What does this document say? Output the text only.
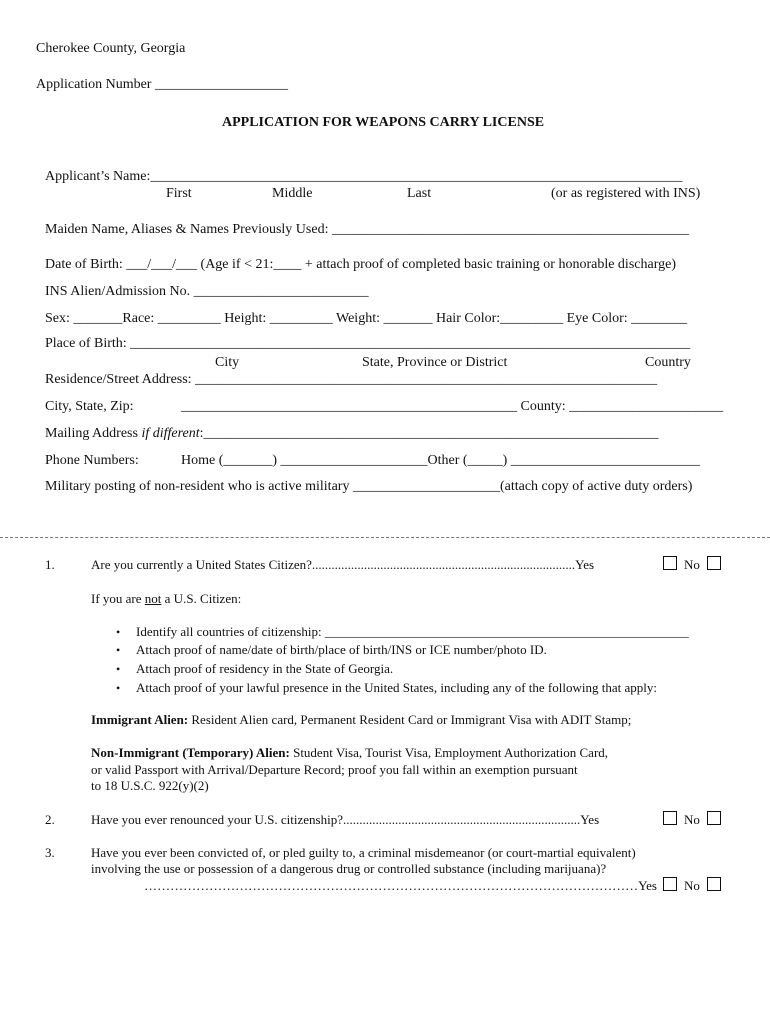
Cherokee County, Georgia
Application Number ___________________
APPLICATION FOR WEAPONS CARRY LICENSE
Applicant’s Name:____________________________________________________________________________
First	Middle	Last	(or as registered with INS)
Maiden Name, Aliases & Names Previously Used: ___________________________________________________
Date of Birth: ___/___/___ (Age if < 21:____ + attach proof of completed basic training or honorable discharge)
INS Alien/Admission No. _________________________
Sex: _______Race: _________ Height: _________ Weight: _______ Hair Color:_________ Eye Color: ________
Place of Birth: ________________________________________________________________________________
City	State, Province or District	Country
Residence/Street Address: __________________________________________________________________
City, State, Zip:	________________________________________________ County: ______________________
Mailing Address if different:_________________________________________________________________
Phone Numbers:	Home (_______) _____________________Other (_____) ___________________________
Military posting of non-resident who is active military _____________________(attach copy of active duty orders)
1.	Are you currently a United States Citizen?.................................................................................Yes	No
If you are not a U.S. Citizen:
• Identify all countries of citizenship: ________________________________________________________
• Attach proof of name/date of birth/place of birth/INS or ICE number/photo ID.
• Attach proof of residency in the State of Georgia.
• Attach proof of your lawful presence in the United States, including any of the following that apply:
Immigrant Alien: Resident Alien card, Permanent Resident Card or Immigrant Visa with ADIT Stamp;
Non-Immigrant (Temporary) Alien: Student Visa, Tourist Visa, Employment Authorization Card,
or valid Passport with Arrival/Departure Record; proof you fall within an exemption pursuant
to 18 U.S.C. 922(y)(2)
2.	Have you ever renounced your U.S. citizenship?.........................................................................Yes	No
3.	Have you ever been convicted of, or pled guilty to, a criminal misdemeanor (or court-martial equivalent)
involving the use or possession of a dangerous drug or controlled substance (including marijuana)?
……………………………………………………………………………………………………Yes No
